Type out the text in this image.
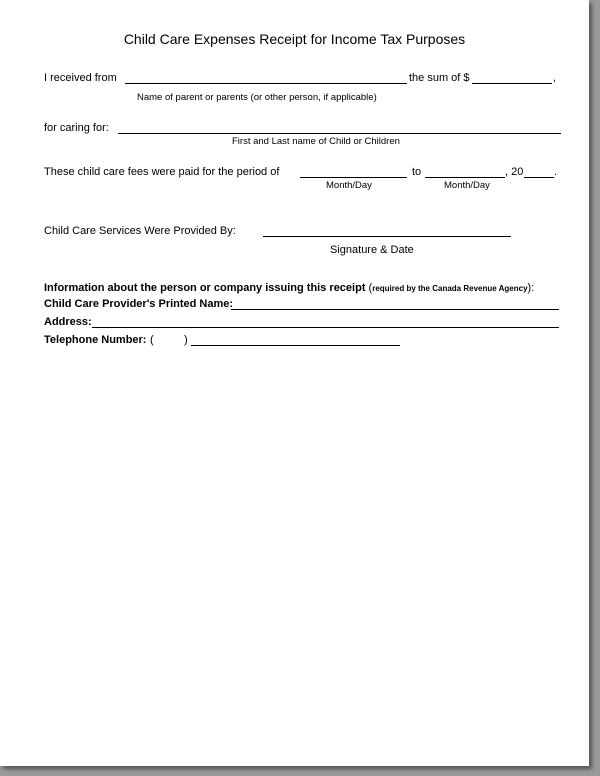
Child Care Expenses Receipt for Income Tax Purposes
I received from	the sum of $	,
Name of parent or parents (or other person, if applicable)
for caring for:
First and Last name of Child or Children
These child care fees were paid for the period of	to	, 20	.
Month/Day	Month/Day
Child Care Services Were Provided By:
Signature & Date
Information about the person or company issuing this receipt (required by the Canada Revenue Agency):
Child Care Provider's Printed Name:
Address:
Telephone Number: (	)
